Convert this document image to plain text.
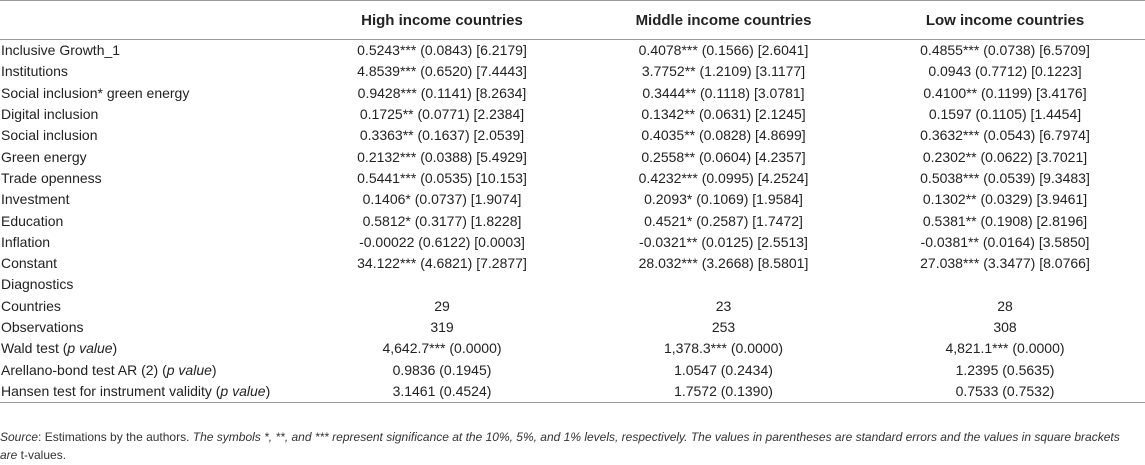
	High income countries	Middle income countries	Low income countries
Inclusive Growth_1	0.5243*** (0.0843) [6.2179]	0.4078*** (0.1566) [2.6041]	0.4855*** (0.0738) [6.5709]
Institutions	4.8539*** (0.6520) [7.4443]	3.7752** (1.2109) [3.1177]	0.0943 (0.7712) [0.1223]
Social inclusion* green energy	0.9428*** (0.1141) [8.2634]	0.3444** (0.1118) [3.0781]	0.4100** (0.1199) [3.4176]
Digital inclusion	0.1725** (0.0771) [2.2384]	0.1342** (0.0631) [2.1245]	0.1597 (0.1105) [1.4454]
Social inclusion	0.3363** (0.1637) [2.0539]	0.4035** (0.0828) [4.8699]	0.3632*** (0.0543) [6.7974]
Green energy	0.2132*** (0.0388) [5.4929]	0.2558** (0.0604) [4.2357]	0.2302** (0.0622) [3.7021]
Trade openness	0.5441*** (0.0535) [10.153]	0.4232*** (0.0995) [4.2524]	0.5038*** (0.0539) [9.3483]
Investment	0.1406* (0.0737) [1.9074]	0.2093* (0.1069) [1.9584]	0.1302** (0.0329) [3.9461]
Education	0.5812* (0.3177) [1.8228]	0.4521* (0.2587) [1.7472]	0.5381** (0.1908) [2.8196]
Inflation	-0.00022 (0.6122) [0.0003]	-0.0321** (0.0125) [2.5513]	-0.0381** (0.0164) [3.5850]
Constant	34.122*** (4.6821) [7.2877]	28.032*** (3.2668) [8.5801]	27.038*** (3.3477) [8.0766]
Diagnostics			
Countries	29	23	28
Observations	319	253	308
Wald test (p value)	4,642.7*** (0.0000)	1,378.3*** (0.0000)	4,821.1*** (0.0000)
Arellano-bond test AR (2) (p value)	0.9836 (0.1945)	1.0547 (0.2434)	1.2395 (0.5635)
Hansen test for instrument validity (p value)	3.1461 (0.4524)	1.7572 (0.1390)	0.7533 (0.7532)
Source: Estimations by the authors. The symbols *, **, and *** represent significance at the 10%, 5%, and 1% levels, respectively. The values in parentheses are standard errors and the values in square brackets are t-values.
